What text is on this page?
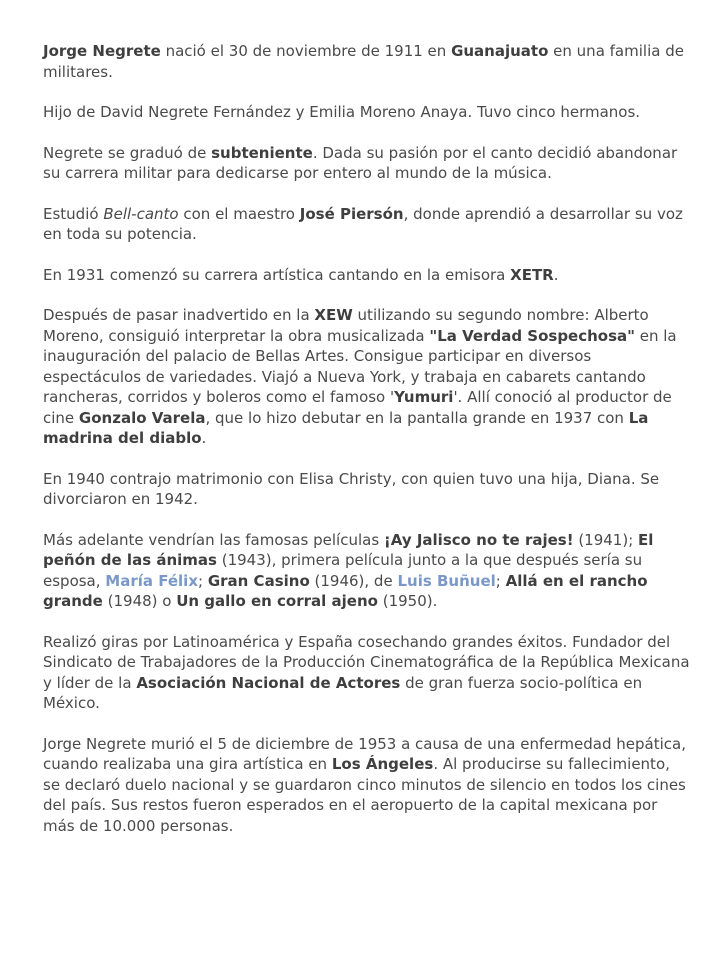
Jorge Negrete nació el 30 de noviembre de 1911 en Guanajuato en una familia de militares.

Hijo de David Negrete Fernández y Emilia Moreno Anaya. Tuvo cinco hermanos.

Negrete se graduó de subteniente. Dada su pasión por el canto decidió abandonar su carrera militar para dedicarse por entero al mundo de la música.

Estudió Bell-canto con el maestro José Piersón, donde aprendió a desarrollar su voz en toda su potencia.

En 1931 comenzó su carrera artística cantando en la emisora XETR.

Después de pasar inadvertido en la XEW utilizando su segundo nombre: Alberto Moreno, consiguió interpretar la obra musicalizada "La Verdad Sospechosa" en la inauguración del palacio de Bellas Artes. Consigue participar en diversos espectáculos de variedades. Viajó a Nueva York, y trabaja en cabarets cantando rancheras, corridos y boleros como el famoso 'Yumuri'. Allí conoció al productor de cine Gonzalo Varela, que lo hizo debutar en la pantalla grande en 1937 con La madrina del diablo.

En 1940 contrajo matrimonio con Elisa Christy, con quien tuvo una hija, Diana. Se divorciaron en 1942.

Más adelante vendrían las famosas películas ¡Ay Jalisco no te rajes! (1941); El peñón de las ánimas (1943), primera película junto a la que después sería su esposa, María Félix; Gran Casino (1946), de Luis Buñuel; Allá en el rancho grande (1948) o Un gallo en corral ajeno (1950).

Realizó giras por Latinoamérica y España cosechando grandes éxitos. Fundador del Sindicato de Trabajadores de la Producción Cinematográfica de la República Mexicana y líder de la Asociación Nacional de Actores de gran fuerza socio-política en México.

Jorge Negrete murió el 5 de diciembre de 1953 a causa de una enfermedad hepática, cuando realizaba una gira artística en Los Ángeles. Al producirse su fallecimiento, se declaró duelo nacional y se guardaron cinco minutos de silencio en todos los cines del país. Sus restos fueron esperados en el aeropuerto de la capital mexicana por más de 10.000 personas.
